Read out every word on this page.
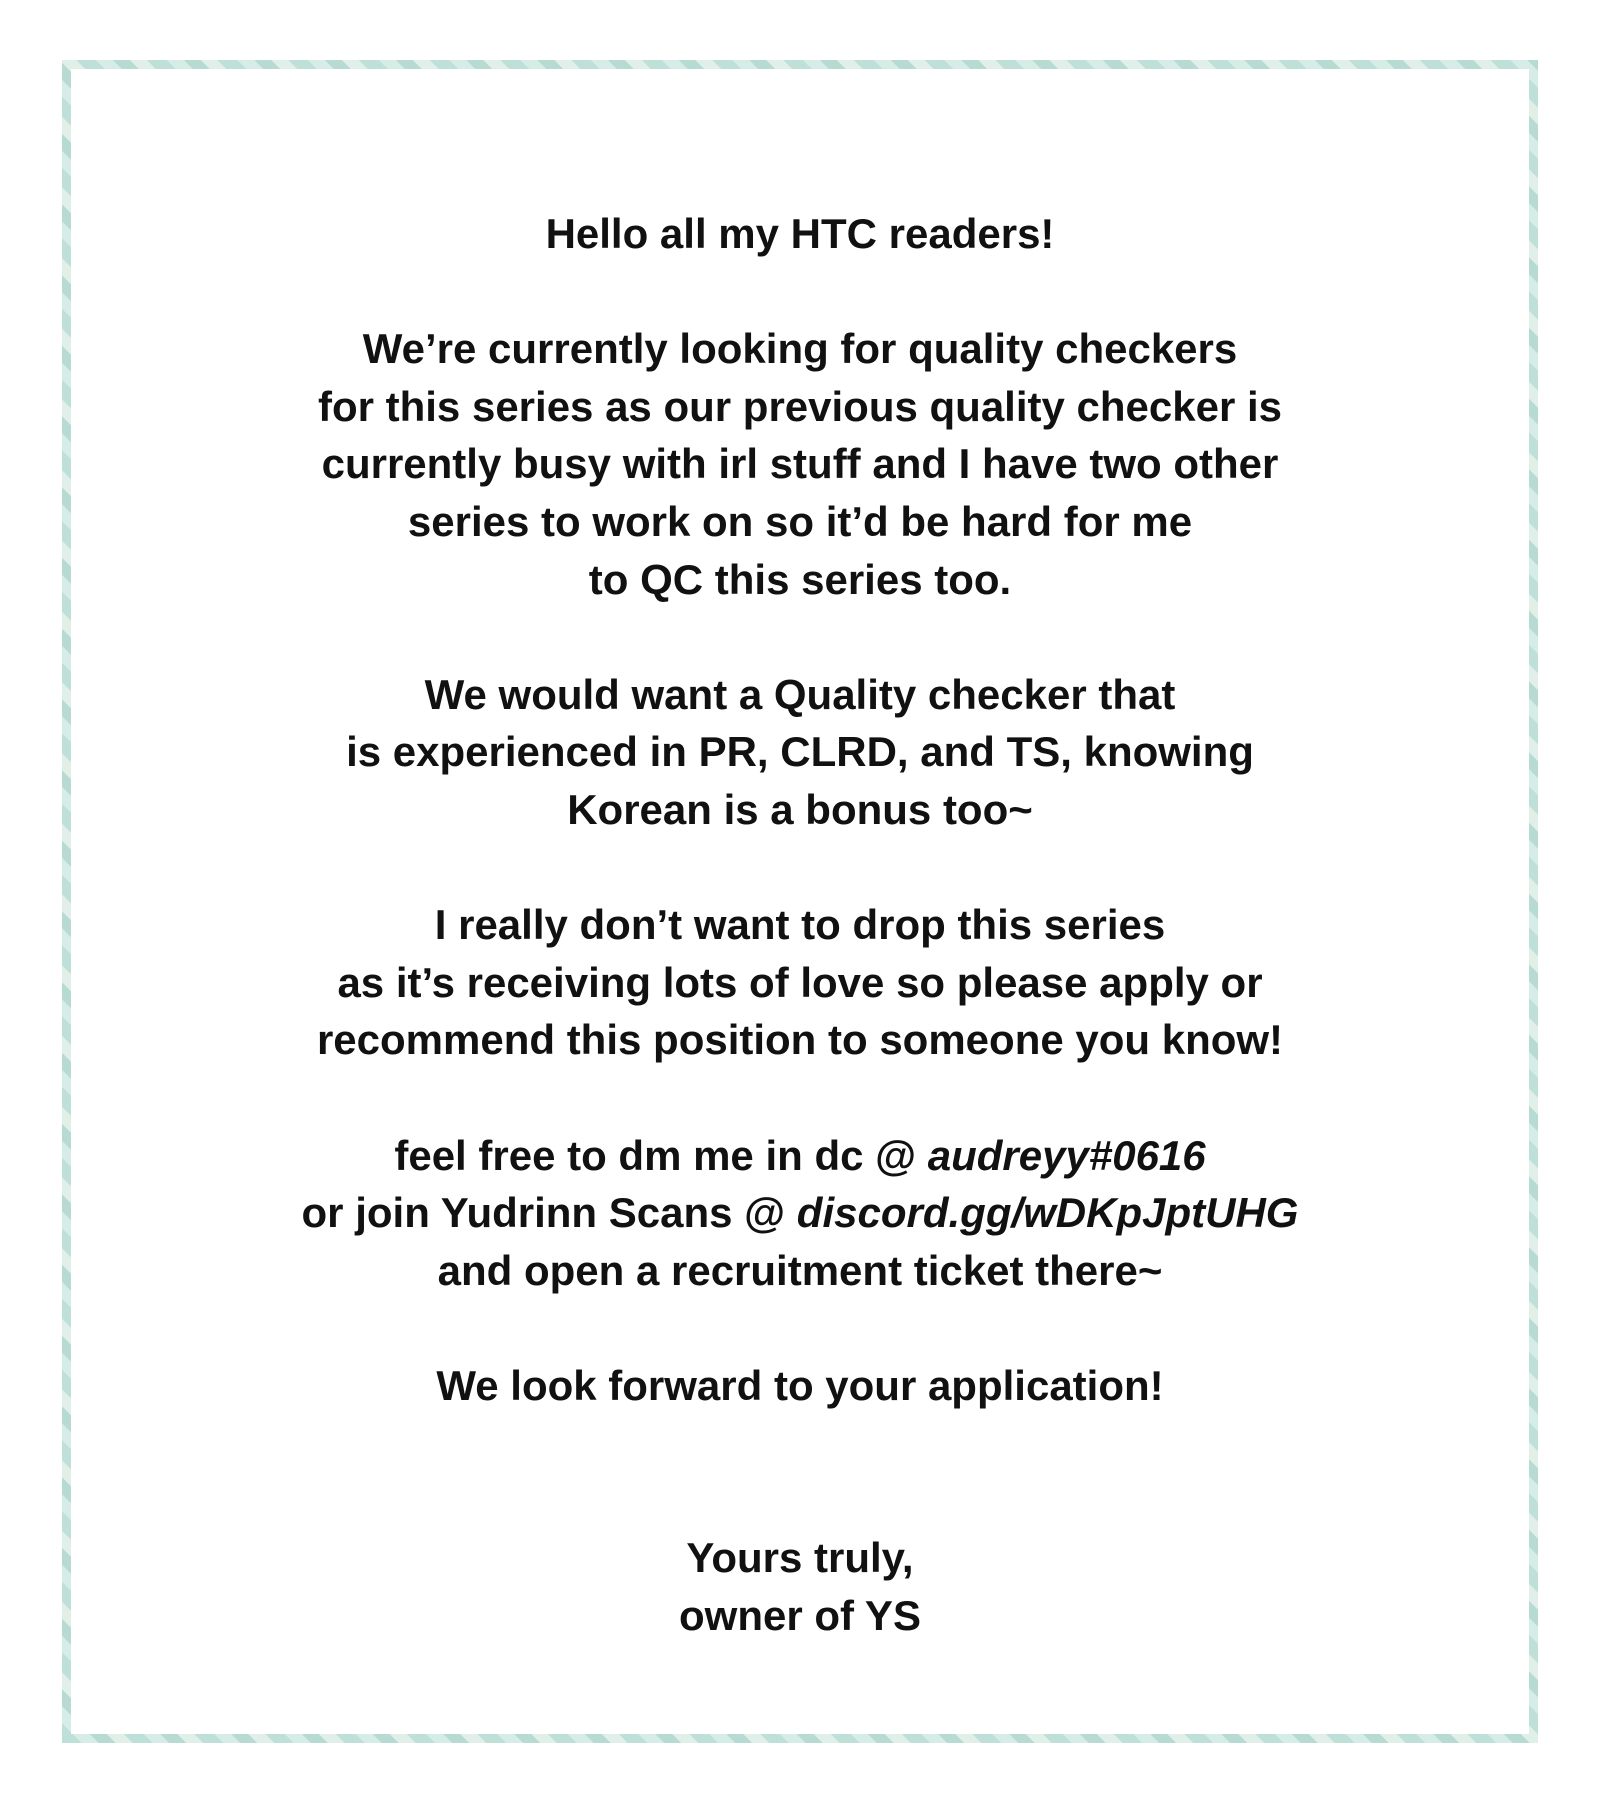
Hello all my HTC readers!
We’re currently looking for quality checkers
for this series as our previous quality checker is
currently busy with irl stuff and I have two other
series to work on so it’d be hard for me
to QC this series too.
We would want a Quality checker that
is experienced in PR, CLRD, and TS, knowing
Korean is a bonus too~
I really don’t want to drop this series
as it’s receiving lots of love so please apply or
recommend this position to someone you know!
feel free to dm me in dc @ audreyy#0616
or join Yudrinn Scans @ discord.gg/wDKpJptUHG
and open a recruitment ticket there~
We look forward to your application!
Yours truly,
owner of YS
